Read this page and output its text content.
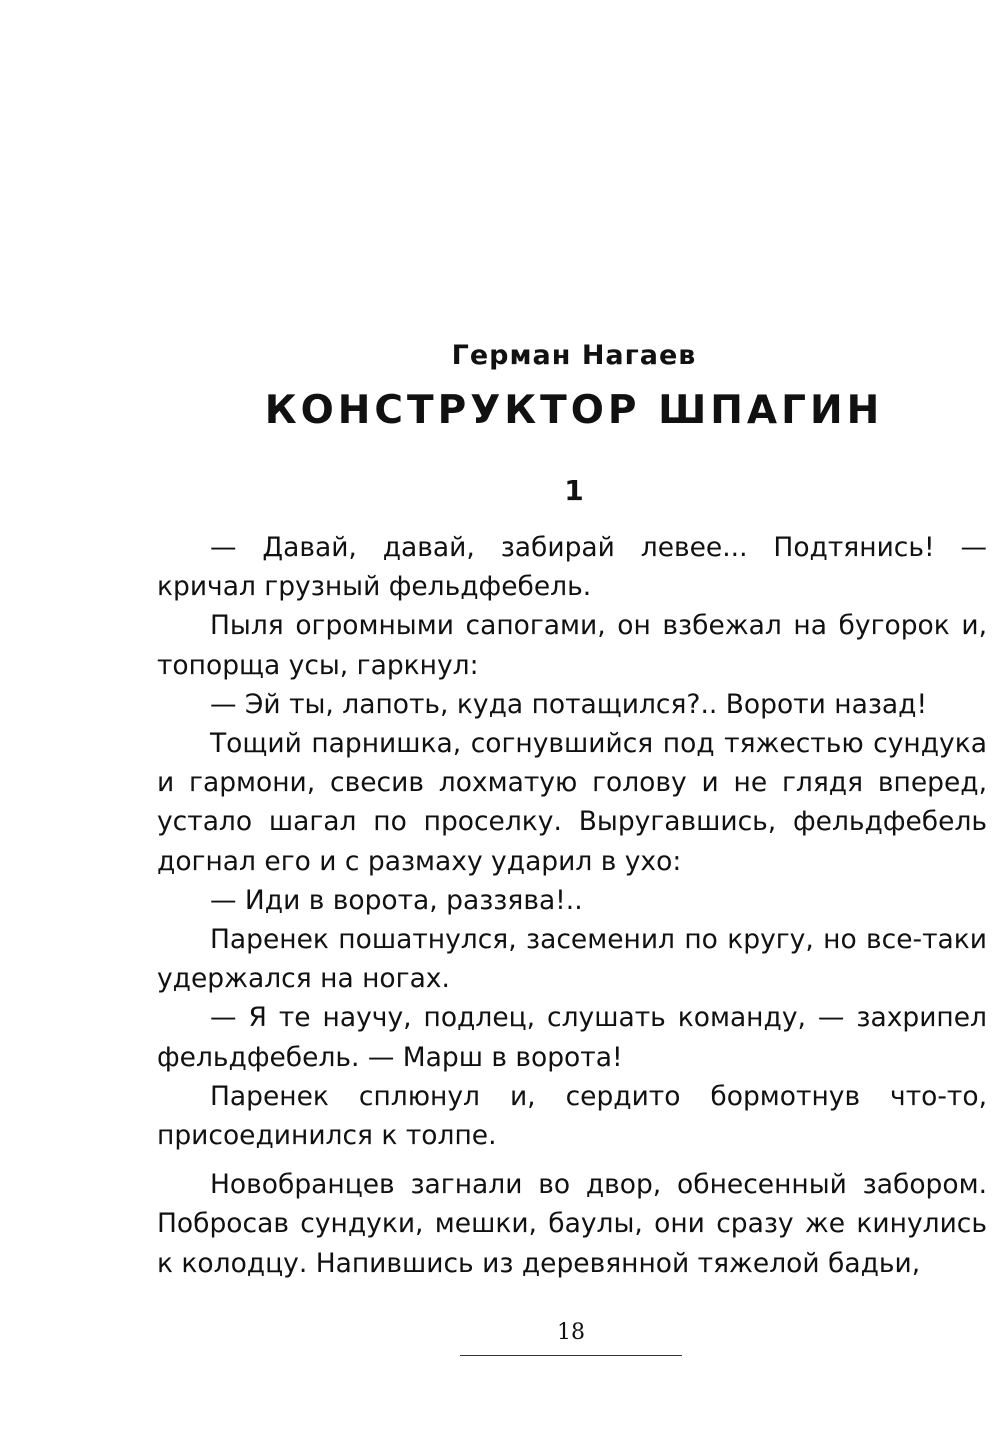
Герман Нагаев
КОНСТРУКТОР ШПАГИН
1

— Давай, давай, забирай левее... Подтянись! — кричал грузный фельдфебель.

Пыля огромными сапогами, он взбежал на бугорок и, топорща усы, гаркнул:

— Эй ты, лапоть, куда потащился?.. Вороти назад!

Тощий парнишка, согнувшийся под тяжестью сундука и гармони, свесив лохматую голову и не глядя вперед, устало шагал по проселку. Выругавшись, фельдфебель догнал его и с размаху ударил в ухо:

— Иди в ворота, раззява!..

Паренек пошатнулся, засеменил по кругу, но все-таки удержался на ногах.

— Я те научу, подлец, слушать команду, — захрипел фельдфебель. — Марш в ворота!

Паренек сплюнул и, сердито бормотнув что-то, присоединился к толпе.

Новобранцев загнали во двор, обнесенный забором. Побросав сундуки, мешки, баулы, они сразу же кинулись к колодцу. Напившись из деревянной тяжелой бадьи,

18
